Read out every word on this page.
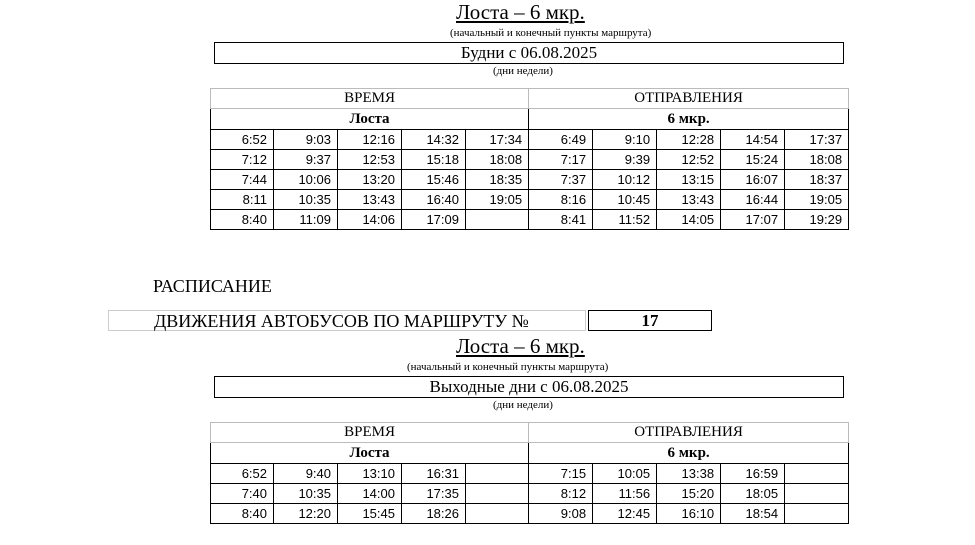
Лоста – 6 мкр.
(начальный и конечный пункты маршрута)
Будни с 06.08.2025
(дни недели)
ВРЕМЯ					ОТПРАВЛЕНИЯ				
Лоста					6 мкр.				
6:52	9:03	12:16	14:32	17:34	6:49	9:10	12:28	14:54	17:37
7:12	9:37	12:53	15:18	18:08	7:17	9:39	12:52	15:24	18:08
7:44	10:06	13:20	15:46	18:35	7:37	10:12	13:15	16:07	18:37
8:11	10:35	13:43	16:40	19:05	8:16	10:45	13:43	16:44	19:05
8:40	11:09	14:06	17:09		8:41	11:52	14:05	17:07	19:29
РАСПИСАНИЕ
ДВИЖЕНИЯ АВТОБУСОВ ПО МАРШРУТУ №	17
Лоста – 6 мкр.
(начальный и конечный пункты маршрута)
Выходные дни с 06.08.2025
(дни недели)
ВРЕМЯ					ОТПРАВЛЕНИЯ				
Лоста					6 мкр.				
6:52	9:40	13:10	16:31		7:15	10:05	13:38	16:59	
7:40	10:35	14:00	17:35		8:12	11:56	15:20	18:05	
8:40	12:20	15:45	18:26		9:08	12:45	16:10	18:54	
